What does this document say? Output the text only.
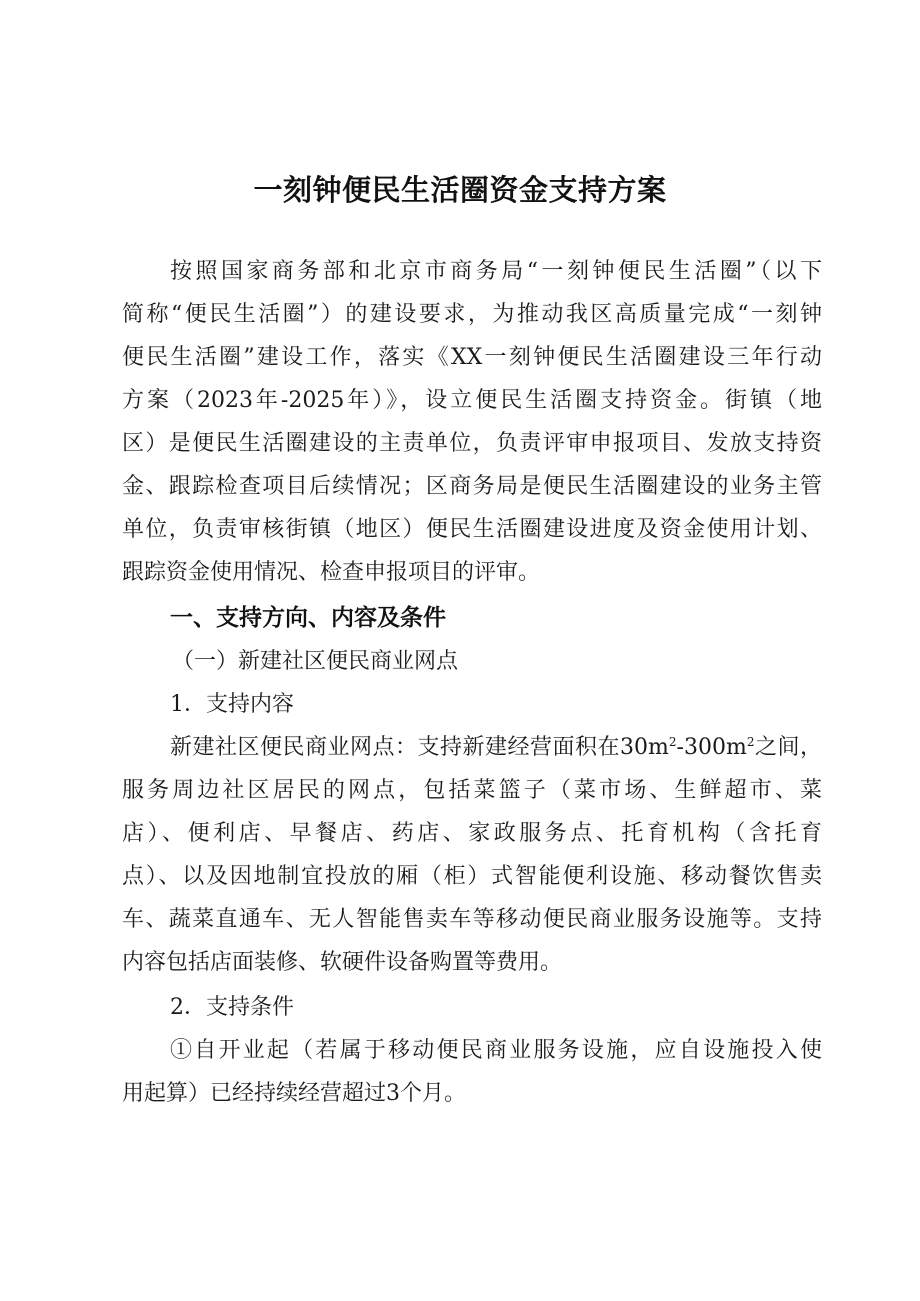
一刻钟便民生活圈资金支持方案
按照国家商务部和北京市商务局“一刻钟便民生活圈”（以下
简称“便民生活圈”）的建设要求，为推动我区高质量完成“一刻钟
便民生活圈”建设工作，落实《XX一刻钟便民生活圈建设三年行动
方案（2023年-2025年）》，设立便民生活圈支持资金。街镇（地
区）是便民生活圈建设的主责单位，负责评审申报项目、发放支持资
金、跟踪检查项目后续情况；区商务局是便民生活圈建设的业务主管
单位，负责审核街镇（地区）便民生活圈建设进度及资金使用计划、
跟踪资金使用情况、检查申报项目的评审。
一、支持方向、内容及条件
（一）新建社区便民商业网点
1．支持内容
新建社区便民商业网点：支持新建经营面积在$30m^2-300m^2$之间，
服务周边社区居民的网点，包括菜篮子（菜市场、生鲜超市、菜
店）、便利店、早餐店、药店、家政服务点、托育机构（含托育
点）、以及因地制宜投放的厢（柜）式智能便利设施、移动餐饮售卖
车、蔬菜直通车、无人智能售卖车等移动便民商业服务设施等。支持
内容包括店面装修、软硬件设备购置等费用。
2．支持条件
①自开业起（若属于移动便民商业服务设施，应自设施投入使
用起算）已经持续经营超过3个月。
